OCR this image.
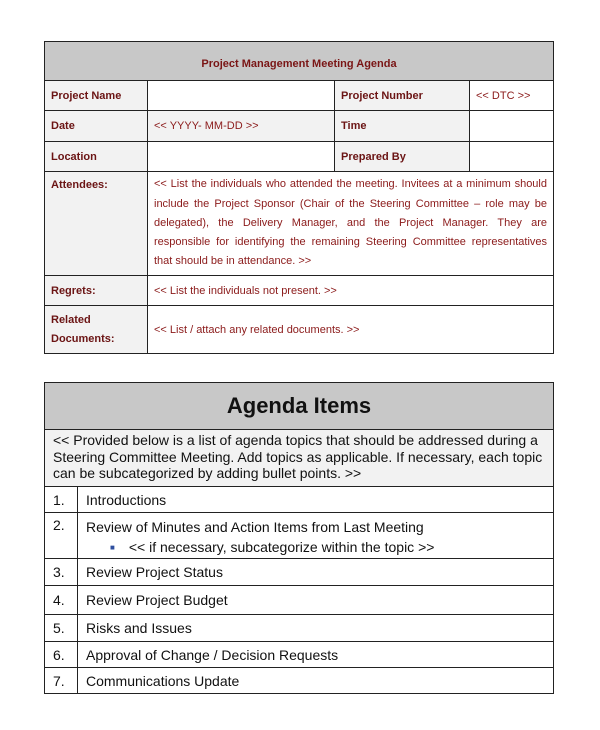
Project Management Meeting Agenda			
Project Name		Project Number	<< DTC >>
Date	<< YYYY- MM-DD >>	Time	
Location		Prepared By	
Attendees:	<< List the individuals who attended the meeting. Invitees at a minimum should include the Project Sponsor (Chair of the Steering Committee – role may be delegated), the Delivery Manager, and the Project Manager. They are responsible for identifying the remaining Steering Committee representatives that should be in attendance. >>		
Regrets:	<< List the individuals not present. >>		
Related Documents:	<< List / attach any related documents. >>		
Agenda Items	
<< Provided below is a list of agenda topics that should be addressed during a Steering Committee Meeting. Add topics as applicable. If necessary, each topic can be subcategorized by adding bullet points. >>	
1.	Introductions
2.	Review of Minutes and Action Items from Last Meeting
■ << if necessary, subcategorize within the topic >>

3.	Review Project Status
4.	Review Project Budget
5.	Risks and Issues
6.	Approval of Change / Decision Requests
7.	Communications Update
